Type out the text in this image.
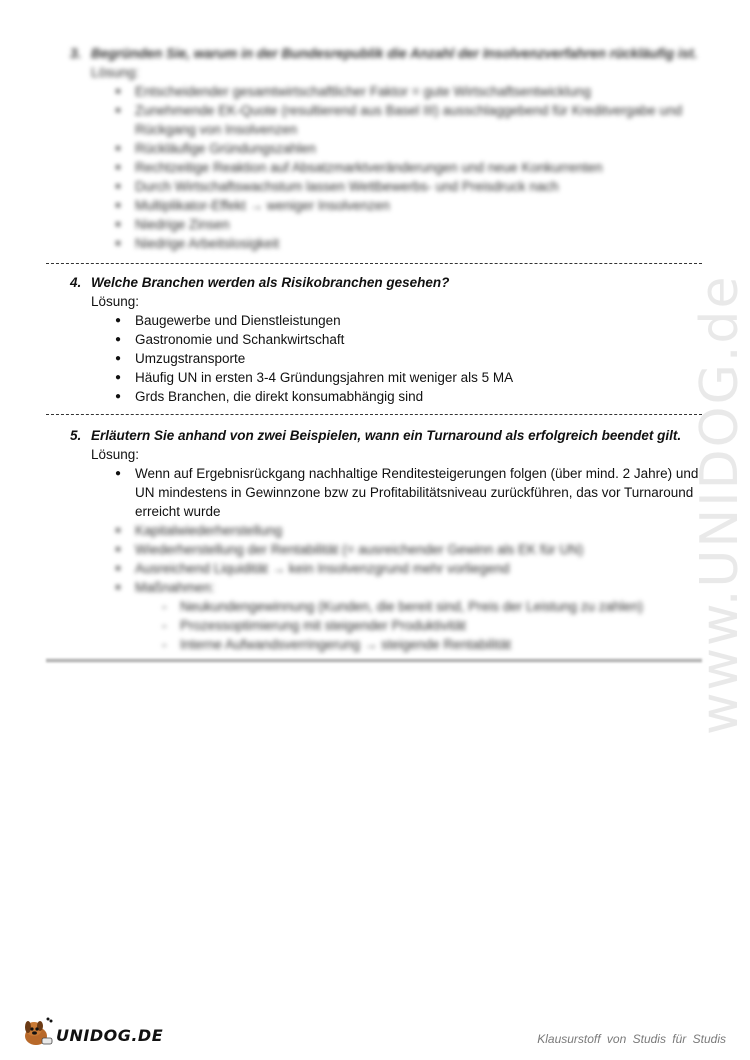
www.UNIDOG.de
3. Begründen Sie, warum in der Bundesrepublik die Anzahl der Insolvenzverfahren rückläufig ist.
Lösung:
● Entscheidender gesamtwirtschaftlicher Faktor = gute Wirtschaftsentwicklung
● Zunehmende EK-Quote (resultierend aus Basel III) ausschlaggebend für Kreditvergabe und Rückgang von Insolvenzen
● Rückläufige Gründungszahlen
● Rechtzeitige Reaktion auf Absatzmarktveränderungen und neue Konkurrenten
● Durch Wirtschaftswachstum lassen Wettbewerbs- und Preisdruck nach
● Multiplikator-Effekt → weniger Insolvenzen
● Niedrige Zinsen
● Niedrige Arbeitslosigkeit
4. Welche Branchen werden als Risikobranchen gesehen?
Lösung:
● Baugewerbe und Dienstleistungen
● Gastronomie und Schankwirtschaft
● Umzugstransporte
● Häufig UN in ersten 3-4 Gründungsjahren mit weniger als 5 MA
● Grds Branchen, die direkt konsumabhängig sind
5. Erläutern Sie anhand von zwei Beispielen, wann ein Turnaround als erfolgreich beendet gilt.
Lösung:
● Wenn auf Ergebnisrückgang nachhaltige Renditesteigerungen folgen (über mind. 2 Jahre) und UN mindestens in Gewinnzone bzw zu Profitabilitätsniveau zurückführen, das vor Turnaround erreicht wurde
● Kapitalwiederherstellung
● Wiederherstellung der Rentabilität (= ausreichender Gewinn als EK für UN)
● Ausreichend Liquidität → kein Insolvenzgrund mehr vorliegend
● Maßnahmen:
- Neukundengewinnung (Kunden, die bereit sind, Preis der Leistung zu zahlen)
- Prozessoptimierung mit steigender Produktivität
- Interne Aufwandsverringerung → steigende Rentabilität
UNIDOG.DE	Klausurstoff von Studis für Studis
